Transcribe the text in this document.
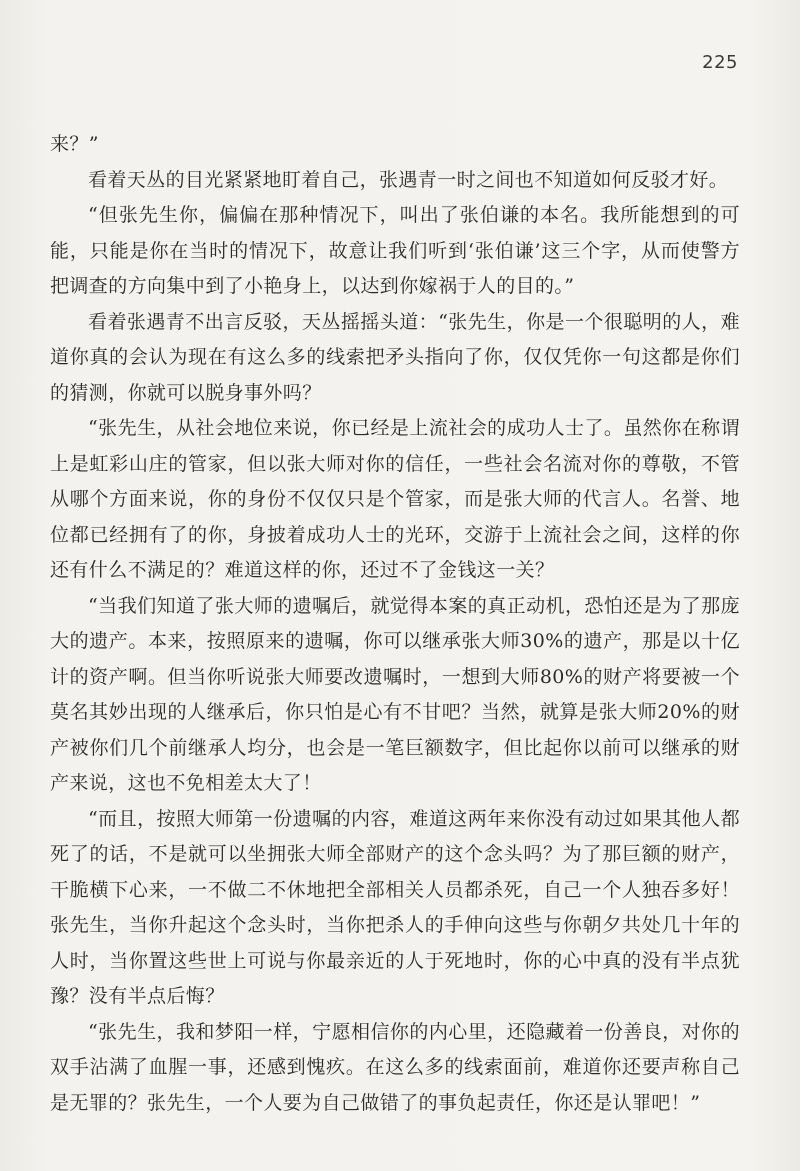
225

来？”

看着天丛的目光紧紧地盯着自己，张遇青一时之间也不知道如何反驳才好。

“但张先生你，偏偏在那种情况下，叫出了张伯谦的本名。我所能想到的可能，只能是你在当时的情况下，故意让我们听到‘张伯谦’这三个字，从而使警方把调查的方向集中到了小艳身上，以达到你嫁祸于人的目的。”

看着张遇青不出言反驳，天丛摇摇头道：“张先生，你是一个很聪明的人，难道你真的会认为现在有这么多的线索把矛头指向了你，仅仅凭你一句这都是你们的猜测，你就可以脱身事外吗？

“张先生，从社会地位来说，你已经是上流社会的成功人士了。虽然你在称谓上是虹彩山庄的管家，但以张大师对你的信任，一些社会名流对你的尊敬，不管从哪个方面来说，你的身份不仅仅只是个管家，而是张大师的代言人。名誉、地位都已经拥有了的你，身披着成功人士的光环，交游于上流社会之间，这样的你还有什么不满足的？难道这样的你，还过不了金钱这一关？

“当我们知道了张大师的遗嘱后，就觉得本案的真正动机，恐怕还是为了那庞大的遗产。本来，按照原来的遗嘱，你可以继承张大师30%的遗产，那是以十亿计的资产啊。但当你听说张大师要改遗嘱时，一想到大师80%的财产将要被一个莫名其妙出现的人继承后，你只怕是心有不甘吧？当然，就算是张大师20%的财产被你们几个前继承人均分，也会是一笔巨额数字，但比起你以前可以继承的财产来说，这也不免相差太大了！

“而且，按照大师第一份遗嘱的内容，难道这两年来你没有动过如果其他人都死了的话，不是就可以坐拥张大师全部财产的这个念头吗？为了那巨额的财产，干脆横下心来，一不做二不休地把全部相关人员都杀死，自己一个人独吞多好！张先生，当你升起这个念头时，当你把杀人的手伸向这些与你朝夕共处几十年的人时，当你置这些世上可说与你最亲近的人于死地时，你的心中真的没有半点犹豫？没有半点后悔？

“张先生，我和梦阳一样，宁愿相信你的内心里，还隐藏着一份善良，对你的双手沾满了血腥一事，还感到愧疚。在这么多的线索面前，难道你还要声称自己是无罪的？张先生，一个人要为自己做错了的事负起责任，你还是认罪吧！”
